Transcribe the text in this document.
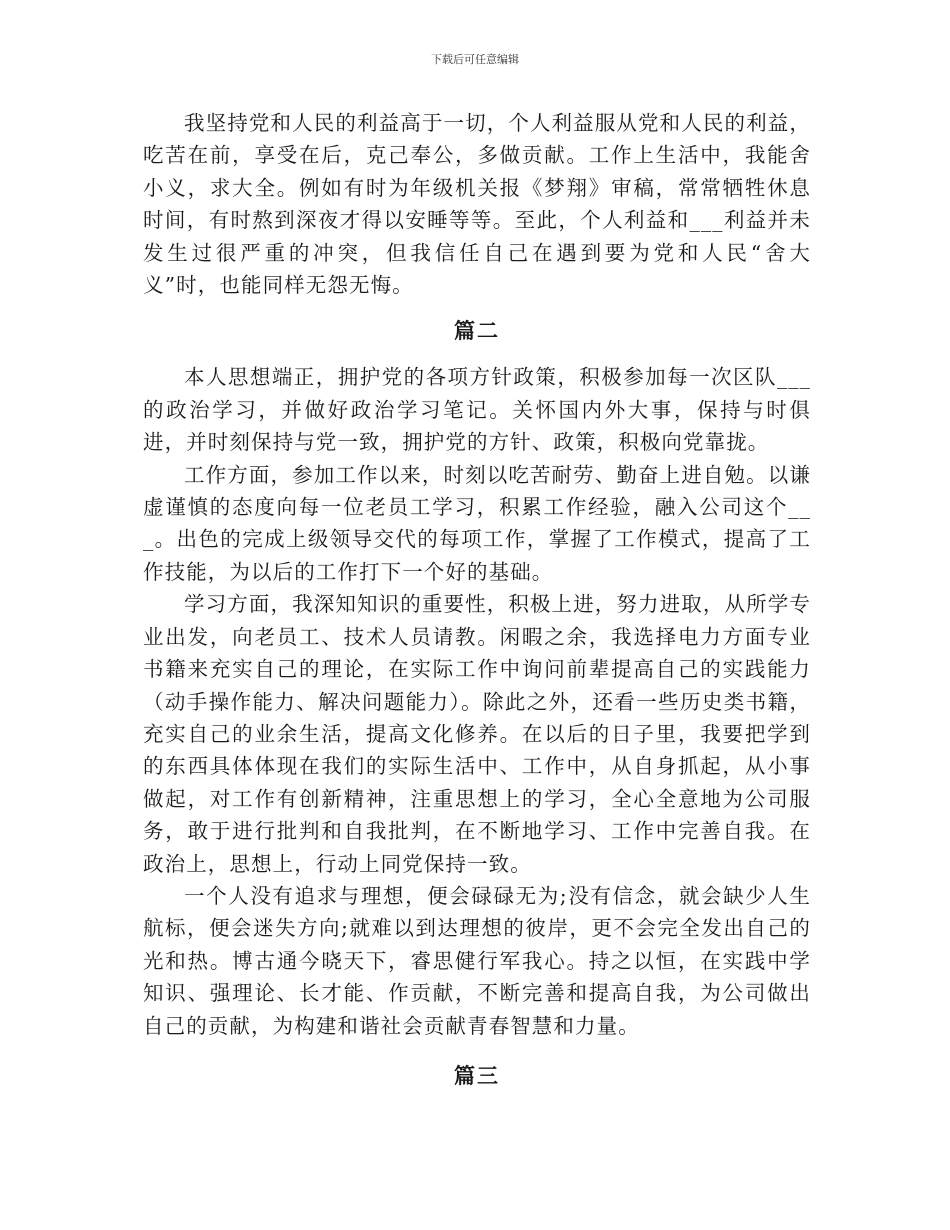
下载后可任意编辑

我坚持党和人民的利益高于一切，个人利益服从党和人民的利益，吃苦在前，享受在后，克己奉公，多做贡献。工作上生活中，我能舍小义，求大全。例如有时为年级机关报《梦翔》审稿，常常牺牲休息时间，有时熬到深夜才得以安睡等等。至此，个人利益和___利益并未发生过很严重的冲突，但我信任自己在遇到要为党和人民“舍大义”时，也能同样无怨无悔。

篇二

本人思想端正，拥护党的各项方针政策，积极参加每一次区队___的政治学习，并做好政治学习笔记。关怀国内外大事，保持与时俱进，并时刻保持与党一致，拥护党的方针、政策，积极向党靠拢。

工作方面，参加工作以来，时刻以吃苦耐劳、勤奋上进自勉。以谦虚谨慎的态度向每一位老员工学习，积累工作经验，融入公司这个___。出色的完成上级领导交代的每项工作，掌握了工作模式，提高了工作技能，为以后的工作打下一个好的基础。

学习方面，我深知知识的重要性，积极上进，努力进取，从所学专业出发，向老员工、技术人员请教。闲暇之余，我选择电力方面专业书籍来充实自己的理论，在实际工作中询问前辈提高自己的实践能力（动手操作能力、解决问题能力）。除此之外，还看一些历史类书籍，充实自己的业余生活，提高文化修养。在以后的日子里，我要把学到的东西具体体现在我们的实际生活中、工作中，从自身抓起，从小事做起，对工作有创新精神，注重思想上的学习，全心全意地为公司服务，敢于进行批判和自我批判，在不断地学习、工作中完善自我。在政治上，思想上，行动上同党保持一致。

一个人没有追求与理想，便会碌碌无为;没有信念，就会缺少人生航标，便会迷失方向;就难以到达理想的彼岸，更不会完全发出自己的光和热。博古通今晓天下，睿思健行军我心。持之以恒，在实践中学知识、强理论、长才能、作贡献，不断完善和提高自我，为公司做出自己的贡献，为构建和谐社会贡献青春智慧和力量。

篇三
